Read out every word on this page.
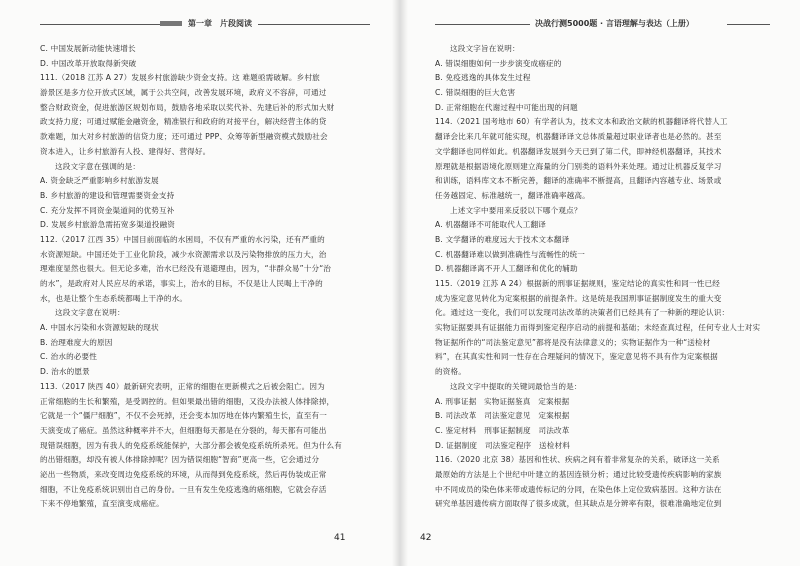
第一章　片段阅读
C. 中国发展新动能快速增长
D. 中国改革开放取得新突破
111.（2018 江苏 A 27）发展乡村旅游缺少资金支持。这 难题亟需破解。乡村旅
游景区是多方位开放式区域，属于公共空间，改善发展环境，政府义不容辞，可通过
整合财政资金，促进旅游区规划布局，鼓励各地采取以奖代补、先建后补的形式加大财
政支持力度；可通过赋能金融资金，精准银行和政府的对接平台，解决经营主体的贷
款难题，加大对乡村旅游的信贷力度；还可通过 PPP、众筹等新型融资模式鼓励社会
资本进入，让乡村旅游有人投、建得好、营得好。
这段文字意在强调的是：
A. 资金缺乏严重影响乡村旅游发展
B. 乡村旅游的建设和管理需要资金支持
C. 充分发挥不同资金渠道间的优势互补
D. 发展乡村旅游急需拓宽多渠道投融资
112.（2017 江西 35）中国目前面临的水困局，不仅有严重的水污染，还有严重的
水资源短缺。中国还处于工业化阶段，减少水资源需求以及污染物排放的压力大，治
理难度显然也很大。但无论多难，治水已经没有退避理由，因为，“非群众易”十分“治
的水”，是政府对人民应尽的承诺，事实上，治水的目标，不仅是让人民喝上干净的
水，也是让整个生态系统都喝上干净的水。
这段文字意在说明：
A. 中国水污染和水资源短缺的现状
B. 治理难度大的原因
C. 治水的必要性
D. 治水的愿景
113.（2017 陕西 40）最新研究表明，正常的细胞在更新模式之后被会阻亡。因为
正常细胞的生长和繁殖，是受调控的。但如果最出错的细胞，又没办法被人体排除掉，
它就是一个“僵尸细胞”，不仅不会死掉，还会变本加厉地在体内繁殖生长，直至有一
天演变成了癌症。虽然这种概率并不大，但细胞每天都是在分裂的，每天都有可能出
现错误细胞，因为有我人的免疫系统能保护，大部分都会被免疫系统所杀死。但为什么有
的出错细胞，却没有被人体排除掉呢？因为错误细胞“智商”更高一些，它会通过分
泌出一些物质，来改变周边免疫系统的环境，从而得到免疫系统，然后再伪装成正常
细胞，不让免疫系统识别出自己的身份。一旦有发生免疫逃逸的癌细胞，它就会存活
下来不停地繁殖，直至演变成癌症。
41
决战行测5000题 · 言语理解与表达（上册）
这段文字旨在说明：
A. 错误细胞如何一步步演变成癌症的
B. 免疫逃逸的具体发生过程
C. 错误细胞的巨大危害
D. 正常细胞在代谢过程中可能出现的问题
114.（2021 国考地市 60）有学者认为，技术文本和政治文献的机器翻译将代替人工
翻译会比来几年就可能实现，机器翻译译文总体质量超过职业译者也是必然的。甚至
文学翻译也同样如此。机器翻译发展到今天已到了第二代，即神经机器翻译，其技术
原理就是根据语境化原则建立海量的分门别类的语料外来处理。通过让机器反复学习
和训练，语料库文本不断完善，翻译的准确率不断提高，且翻译内容越专业、场景或
任务越固定、标准越统一，翻译准确率越高。
上述文字中要用来反驳以下哪个观点？
A. 机器翻译不可能取代人工翻译
B. 文学翻译的难度远大于技术文本翻译
C. 机器翻译难以做到准确性与流畅性的统一
D. 机器翻译离不开人工翻译和优化的辅助
115.（2019 江苏 A 24）根据新的刑事证据规则，鉴定结论的真实性和同一性已经
成为鉴定意见转化为定案根据的前提条件。这是统是我国刑事证据制度发生的重大变
化。通过这一变化，我们可以发现司法改革的决策者们已经具有了一种新的理论认识：
实物证据要具有证据能力而得到鉴定程序启动的前提和基础；未经查真过程，任何专业人士对实
物证据所作的“司法鉴定意见”都将是没有法律意义的；实物证据作为一种“送检材
料”，在其真实性和同一性存在合理疑问的情况下，鉴定意见将不具有作为定案根据
的资格。
这段文字中提取的关键词最恰当的是：
A. 刑事证据　实物证据鉴真　定案根据
B. 司法改革　司法鉴定意见　定案根据
C. 鉴定材料　刑事证据制度　司法改革
D. 证据制度　司法鉴定程序　送检材料
116.（2020 北京 38）基因和性状、疾病之间有着非常复杂的关系，破译这一关系
最原始的方法是上个世纪中叶建立的基因连锁分析；通过比较受遗传疾病影响的家族
中不同成员的染色体来带或遗传标记的分同，在染色体上定位致病基因。这种方法在
研究单基因遗传病方面取得了很多成就，但其缺点是分辨率有限，很难准确地定位到
42
